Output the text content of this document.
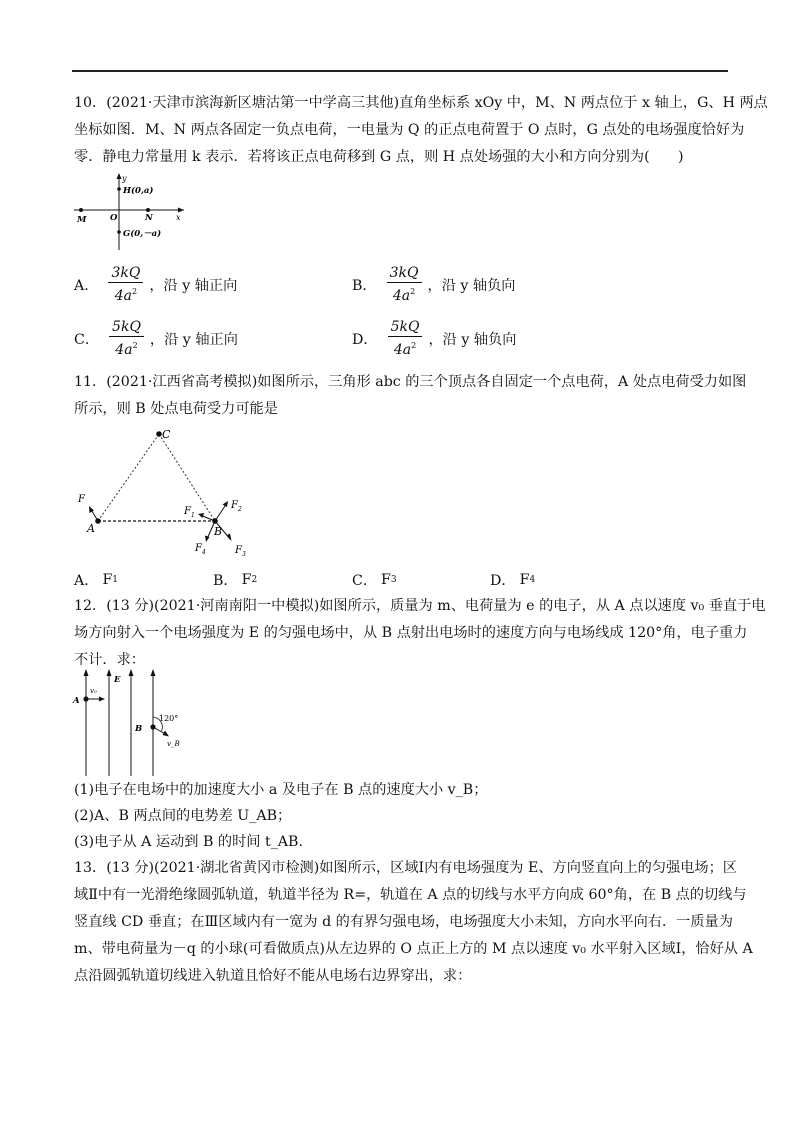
10．(2021·天津市滨海新区塘沽第一中学高三其他)直角坐标系 xOy 中，M、N 两点位于 x 轴上，G、H 两点
坐标如图．M、N 两点各固定一负点电荷，一电量为 Q 的正点电荷置于 O 点时，G 点处的电场强度恰好为
零．静电力常量用 k 表示．若将该正点电荷移到 G 点，则 H 点处场强的大小和方向分别为(　　)
y
x
H(0,a)
O
M	N
G(0,－a)
A． $\frac{3kQ}{4a^2}$ ，沿 y 轴正向	B． $\frac{3kQ}{4a^2}$ ，沿 y 轴负向
C． $\frac{5kQ}{4a^2}$ ，沿 y 轴正向	D． $\frac{5kQ}{4a^2}$ ，沿 y 轴负向
11．(2021·江西省高考模拟)如图所示，三角形 abc 的三个顶点各自固定一个点电荷，A 处点电荷受力如图
所示，则 B 处点电荷受力可能是
C
A	B
F
$F_1$
$F_2$
$F_3$
$F_4$
A． F 1	B． F 2	C． F 3	D． F 4
12．(13 分)(2021·河南南阳一中模拟)如图所示，质量为 m、电荷量为 e 的电子，从 A 点以速度 v₀ 垂直于电
场方向射入一个电场强度为 E 的匀强电场中，从 B 点射出电场时的速度方向与电场线成 120°角，电子重力
不计．求：
A
E
B
v₀
v_B
120°
(1)电子在电场中的加速度大小 a 及电子在 B 点的速度大小 v_B；
(2)A、B 两点间的电势差 U_AB；
(3)电子从 A 运动到 B 的时间 t_AB.
13．(13 分)(2021·湖北省黄冈市检测)如图所示，区域Ⅰ内有电场强度为 E、方向竖直向上的匀强电场；区
域Ⅱ中有一光滑绝缘圆弧轨道，轨道半径为 R=，轨道在 A 点的切线与水平方向成 60°角，在 B 点的切线与
竖直线 CD 垂直；在Ⅲ区域内有一宽为 d 的有界匀强电场，电场强度大小未知，方向水平向右．一质量为
m、带电荷量为－q 的小球(可看做质点)从左边界的 O 点正上方的 M 点以速度 v₀ 水平射入区域Ⅰ，恰好从 A
点沿圆弧轨道切线进入轨道且恰好不能从电场右边界穿出，求：
